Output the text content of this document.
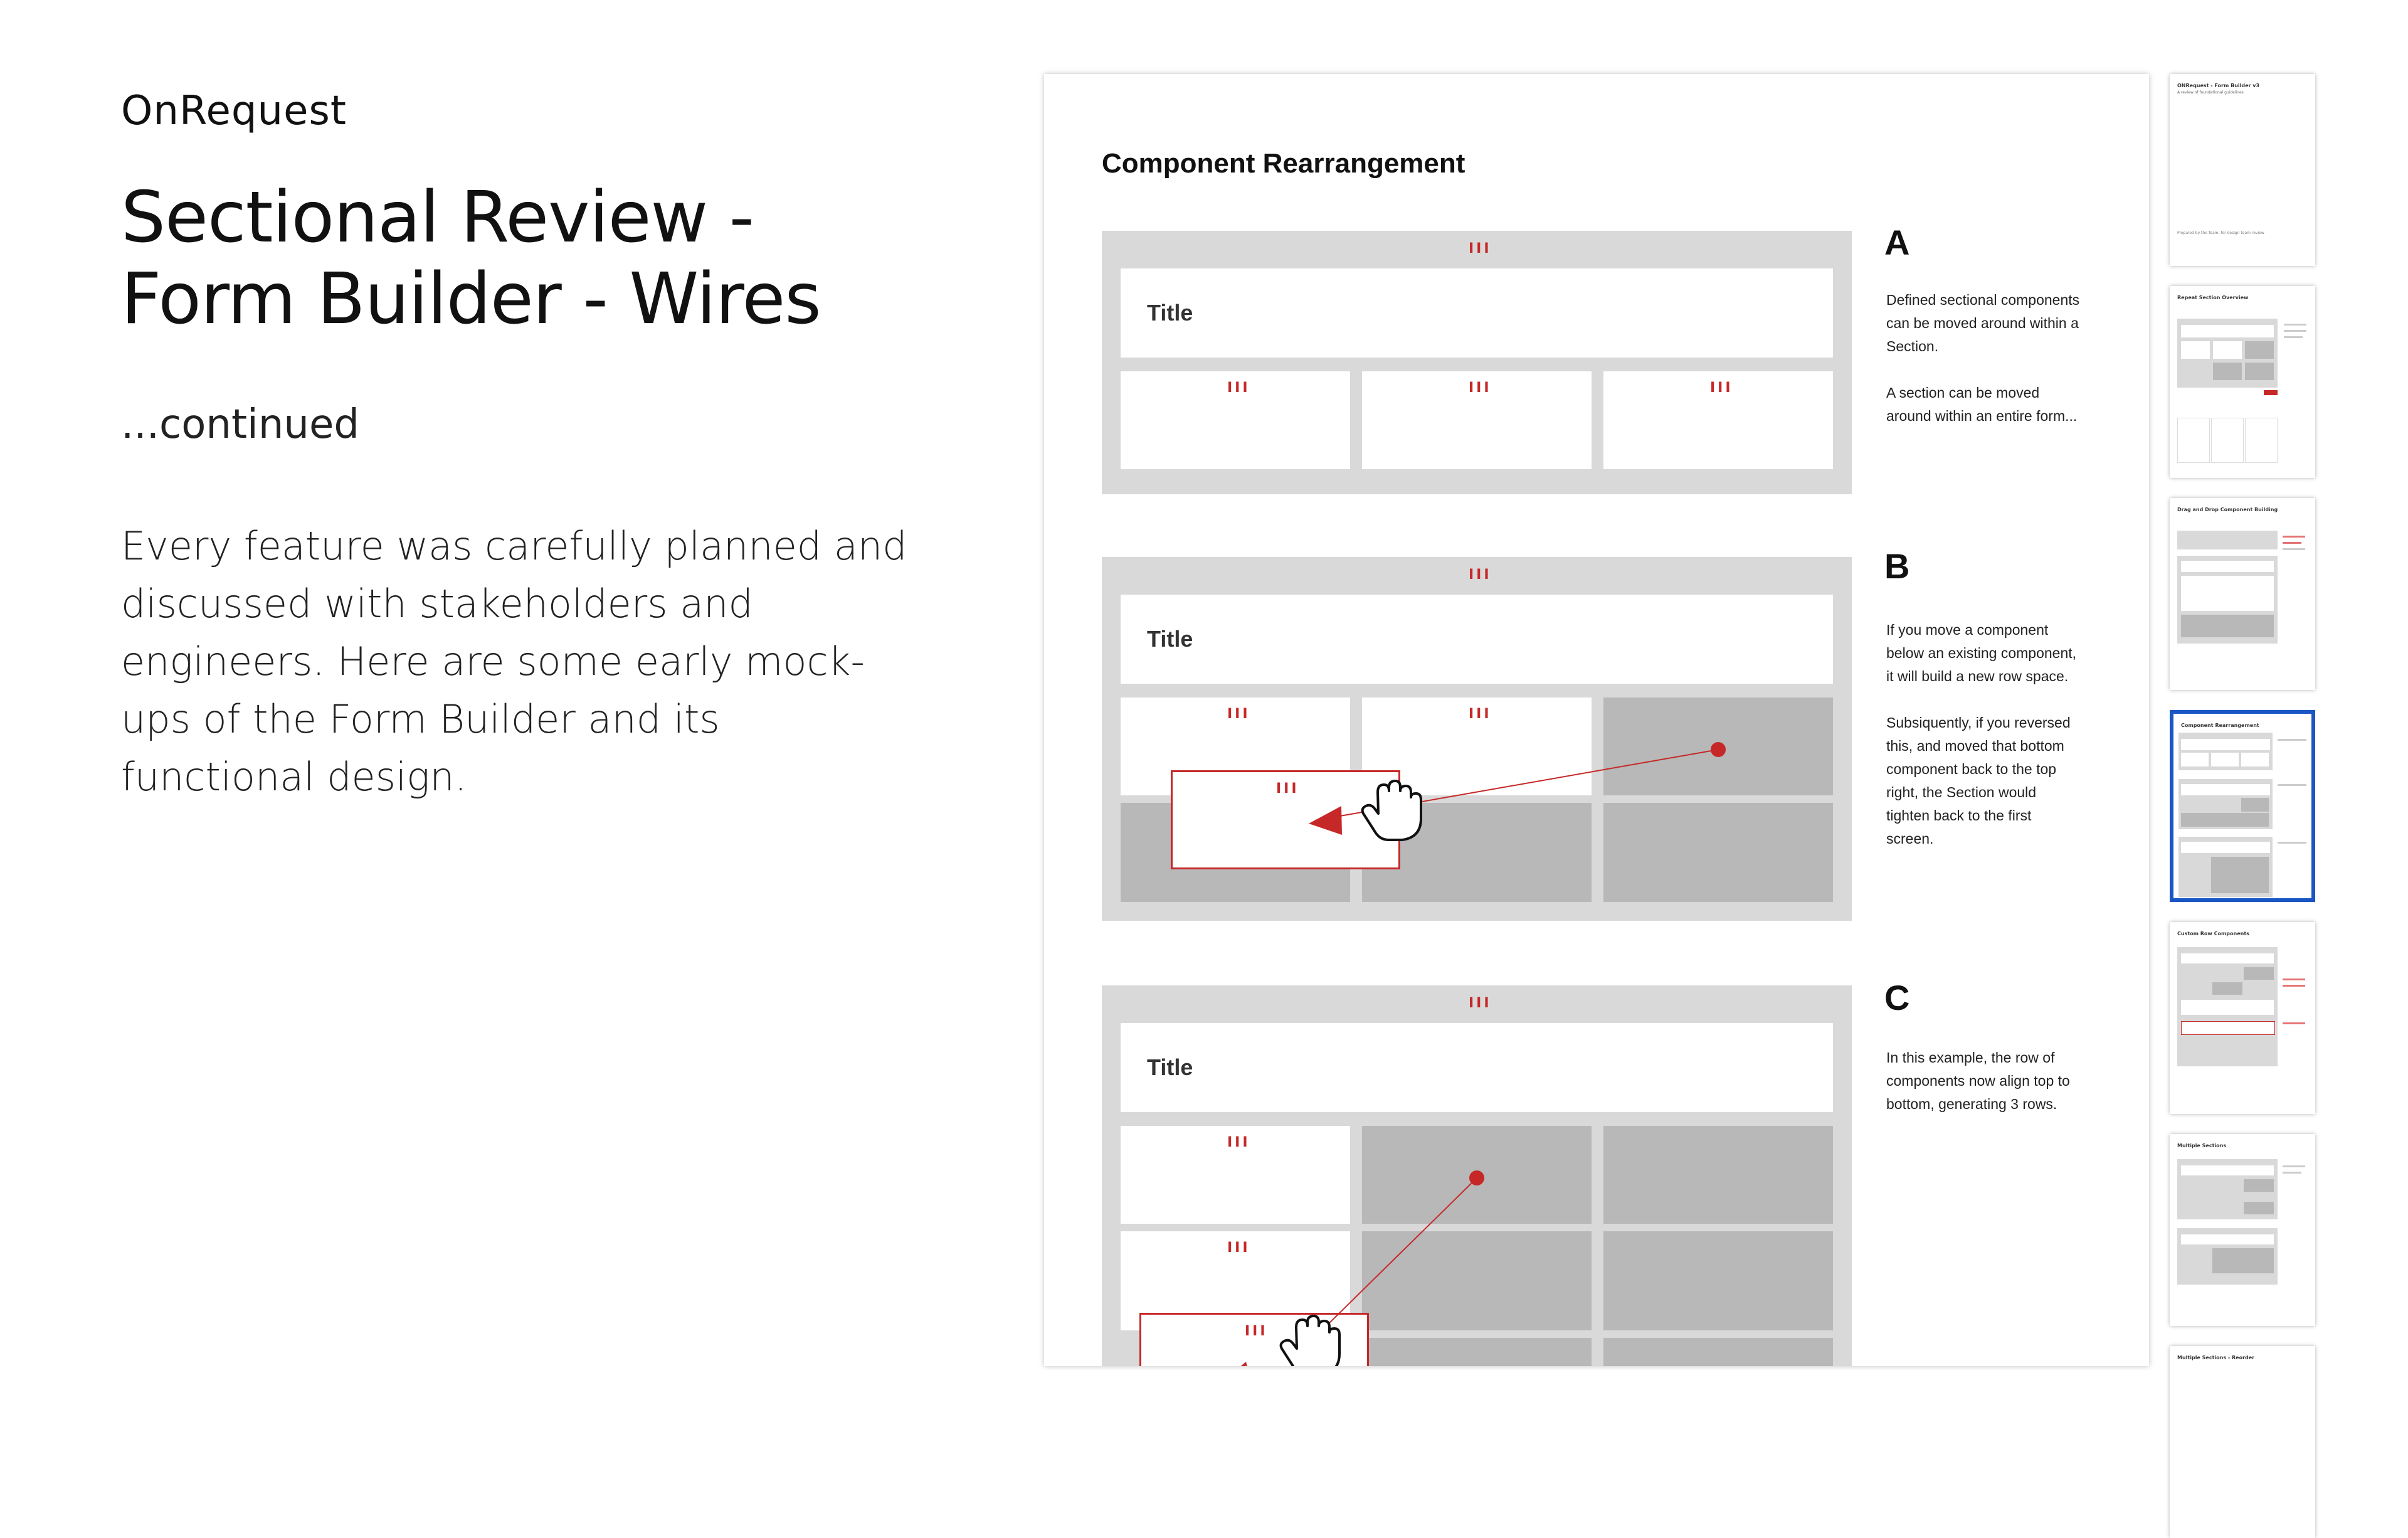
OnRequest
Sectional Review -
Form Builder - Wires
...continued
Every feature was carefully planned and discussed with stakeholders and engineers. Here are some early mock-ups of the Form Builder and its functional design.
Component Rearrangement
III
Title
III	III	III
A

Defined sectional components can be moved around within a Section.

A section can be moved around within an entire form...

III
Title
III	III
III
B

If you move a component below an existing component, it will build a new row space.

Subsiquently, if you reversed this, and moved that bottom component back to the top right, the Section would tighten back to the first screen.

III
Title
III
III
III
C

In this example, the row of components now align top to bottom, generating 3 rows.

ONRequest - Form Builder v3
A review of foundational guidelines
Prepared by the Team, for design team review
Repeat Section Overview
Drag and Drop Component Building
Component Rearrangement
Custom Row Components
Multiple Sections
Multiple Sections - Reorder
